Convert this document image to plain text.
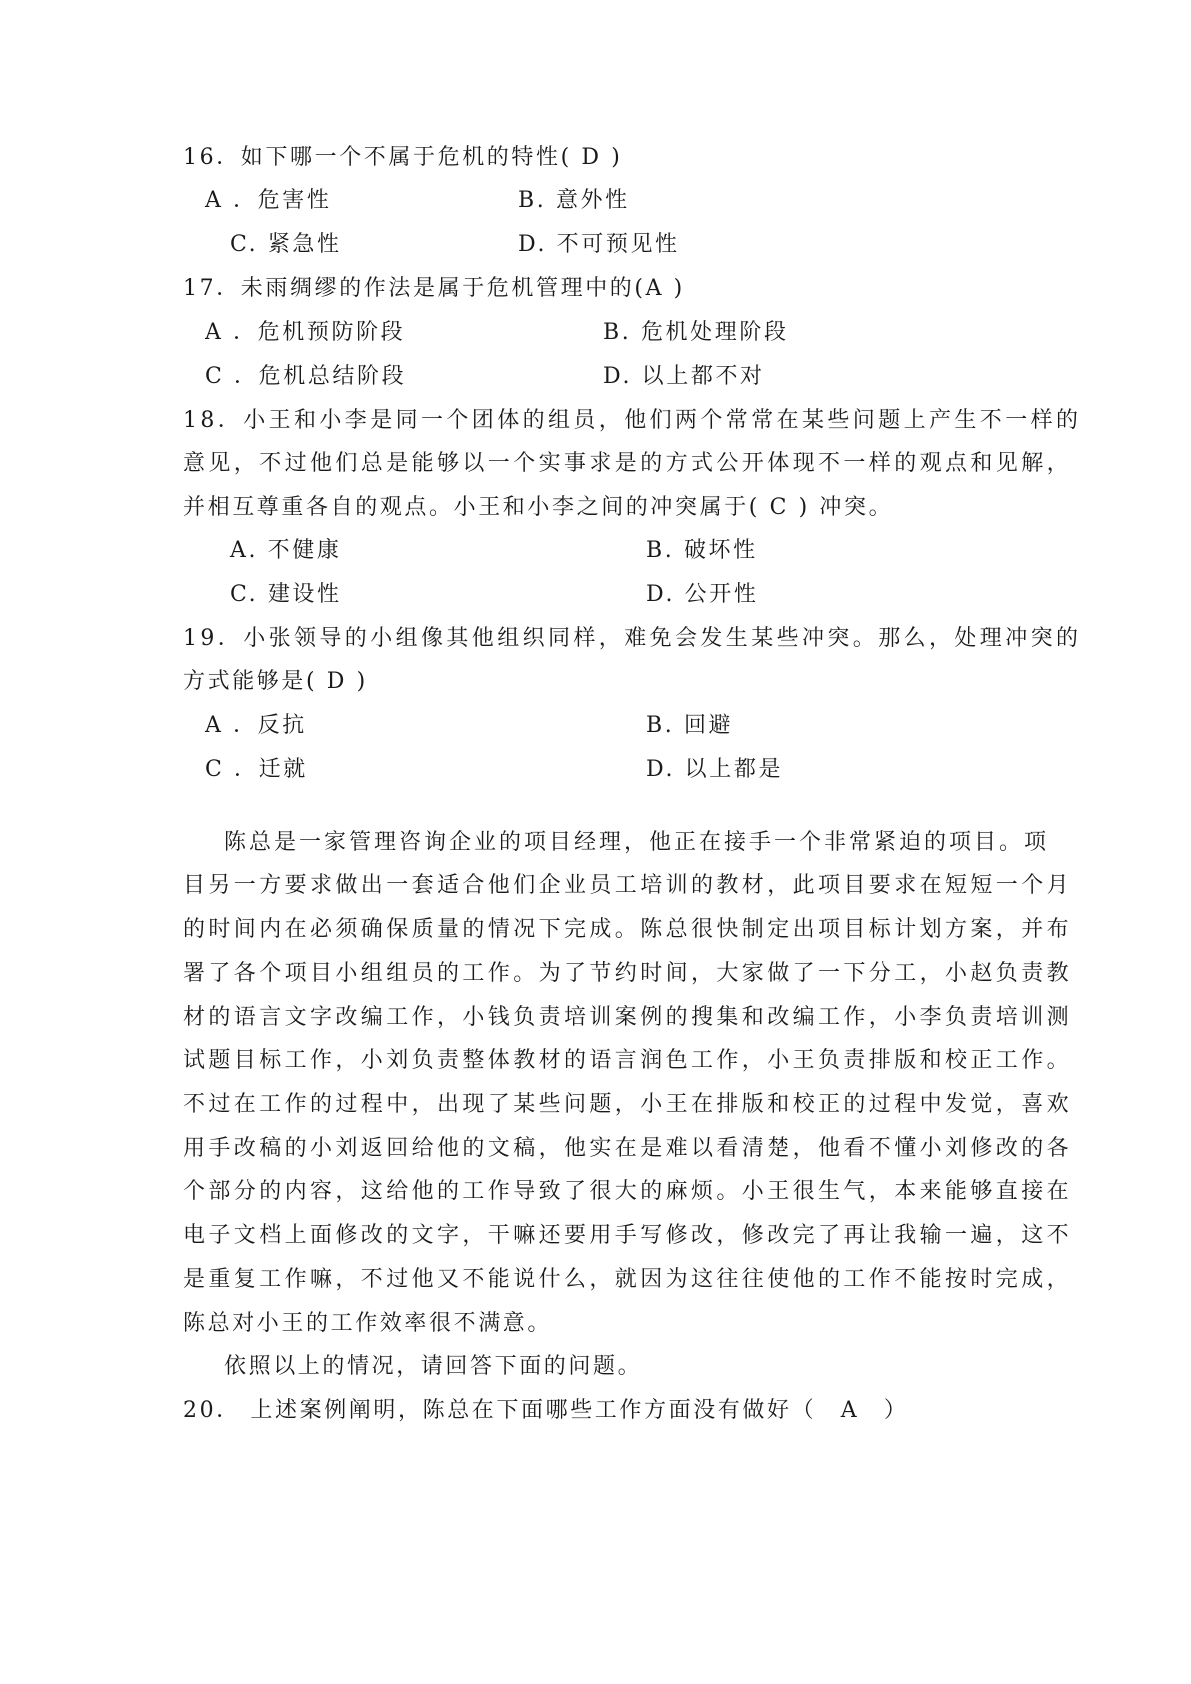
16．如下哪一个不属于危机的特性( D )
A ．危害性	B. 意外性
C. 紧急性	D. 不可预见性
17．未雨绸缪的作法是属于危机管理中的(A )
A ．危机预防阶段	B. 危机处理阶段
C ．危机总结阶段	D. 以上都不对
18．小王和小李是同一个团体的组员，他们两个常常在某些问题上产生不一样的
意见，不过他们总是能够以一个实事求是的方式公开体现不一样的观点和见解，
并相互尊重各自的观点。小王和小李之间的冲突属于( C ) 冲突。
A. 不健康	B. 破坏性
C. 建设性	D. 公开性
19．小张领导的小组像其他组织同样，难免会发生某些冲突。那么，处理冲突的
方式能够是( D )
A ．反抗	B. 回避
C ．迁就	D. 以上都是
陈总是一家管理咨询企业的项目经理，他正在接手一个非常紧迫的项目。项
目另一方要求做出一套适合他们企业员工培训的教材，此项目要求在短短一个月
的时间内在必须确保质量的情况下完成。陈总很快制定出项目标计划方案，并布
署了各个项目小组组员的工作。为了节约时间，大家做了一下分工，小赵负责教
材的语言文字改编工作，小钱负责培训案例的搜集和改编工作，小李负责培训测
试题目标工作，小刘负责整体教材的语言润色工作，小王负责排版和校正工作。
不过在工作的过程中，出现了某些问题，小王在排版和校正的过程中发觉，喜欢
用手改稿的小刘返回给他的文稿，他实在是难以看清楚，他看不懂小刘修改的各
个部分的内容，这给他的工作导致了很大的麻烦。小王很生气，本来能够直接在
电子文档上面修改的文字，干嘛还要用手写修改，修改完了再让我输一遍，这不
是重复工作嘛，不过他又不能说什么，就因为这往往使他的工作不能按时完成，
陈总对小王的工作效率很不满意。
依照以上的情况，请回答下面的问题。
20． 上述案例阐明，陈总在下面哪些工作方面没有做好（　A　）
